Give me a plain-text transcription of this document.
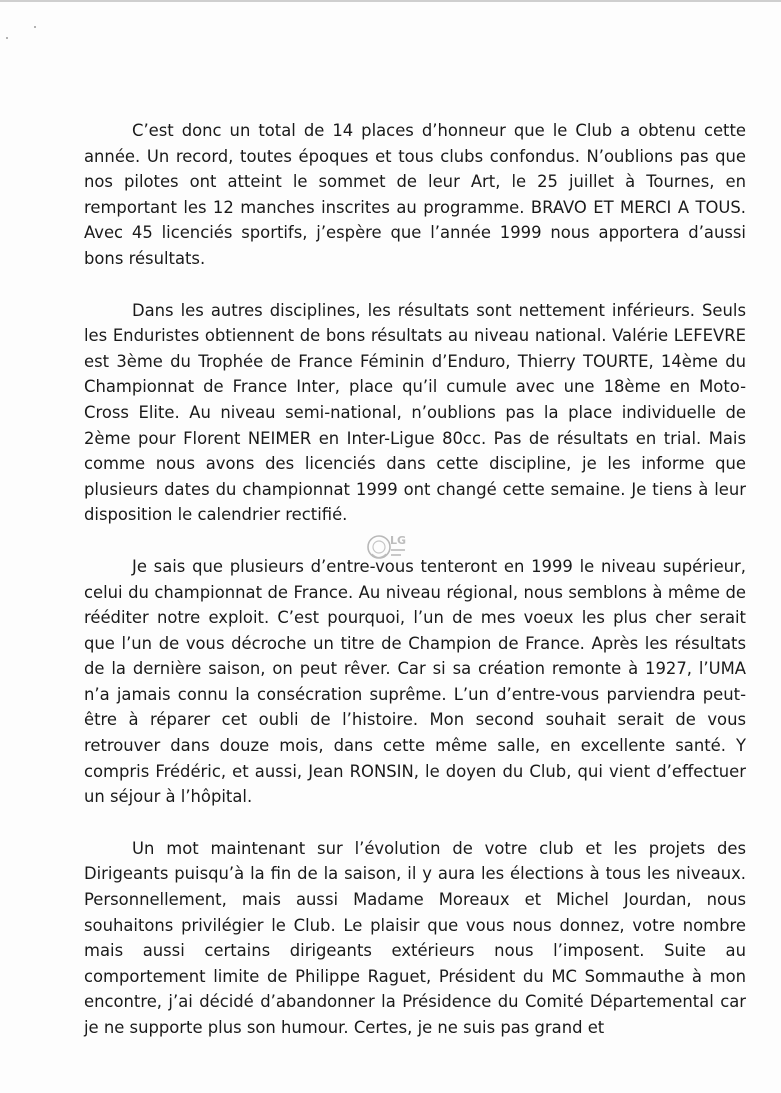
C’est donc un total de 14 places d’honneur que le Club a obtenu cette année. Un record, toutes époques et tous clubs confondus. N’oublions pas que nos pilotes ont atteint le sommet de leur Art, le 25 juillet à Tournes, en remportant les 12 manches inscrites au programme. BRAVO ET MERCI A TOUS. Avec 45 licenciés sportifs, j’espère que l’année 1999 nous apportera d’aussi bons résultats.

Dans les autres disciplines, les résultats sont nettement inférieurs. Seuls les Enduristes obtiennent de bons résultats au niveau national. Valérie LEFEVRE est 3ème du Trophée de France Féminin d’Enduro, Thierry TOURTE, 14ème du Championnat de France Inter, place qu’il cumule avec une 18ème en Moto-Cross Elite. Au niveau semi-national, n’oublions pas la place individuelle de 2ème pour Florent NEIMER en Inter-Ligue 80cc. Pas de résultats en trial. Mais comme nous avons des licenciés dans cette discipline, je les informe que plusieurs dates du championnat 1999 ont changé cette semaine. Je tiens à leur disposition le calendrier rectifié.

Je sais que plusieurs d’entre-vous tenteront en 1999 le niveau supérieur, celui du championnat de France. Au niveau régional, nous semblons à même de rééditer notre exploit. C’est pourquoi, l’un de mes voeux les plus cher serait que l’un de vous décroche un titre de Champion de France. Après les résultats de la dernière saison, on peut rêver. Car si sa création remonte à 1927, l’UMA n’a jamais connu la consécration suprême. L’un d’entre-vous parviendra peut-être à réparer cet oubli de l’histoire. Mon second souhait serait de vous retrouver dans douze mois, dans cette même salle, en excellente santé. Y compris Frédéric, et aussi, Jean RONSIN, le doyen du Club, qui vient d’effectuer un séjour à l’hôpital.

Un mot maintenant sur l’évolution de votre club et les projets des Dirigeants puisqu’à la fin de la saison, il y aura les élections à tous les niveaux. Personnellement, mais aussi Madame Moreaux et Michel Jourdan, nous souhaitons privilégier le Club. Le plaisir que vous nous donnez, votre nombre mais aussi certains dirigeants extérieurs nous l’imposent. Suite au comportement limite de Philippe Raguet, Président du MC Sommauthe à mon encontre, j’ai décidé d’abandonner la Présidence du Comité Départemental car je ne supporte plus son humour. Certes, je ne suis pas grand et

LG
